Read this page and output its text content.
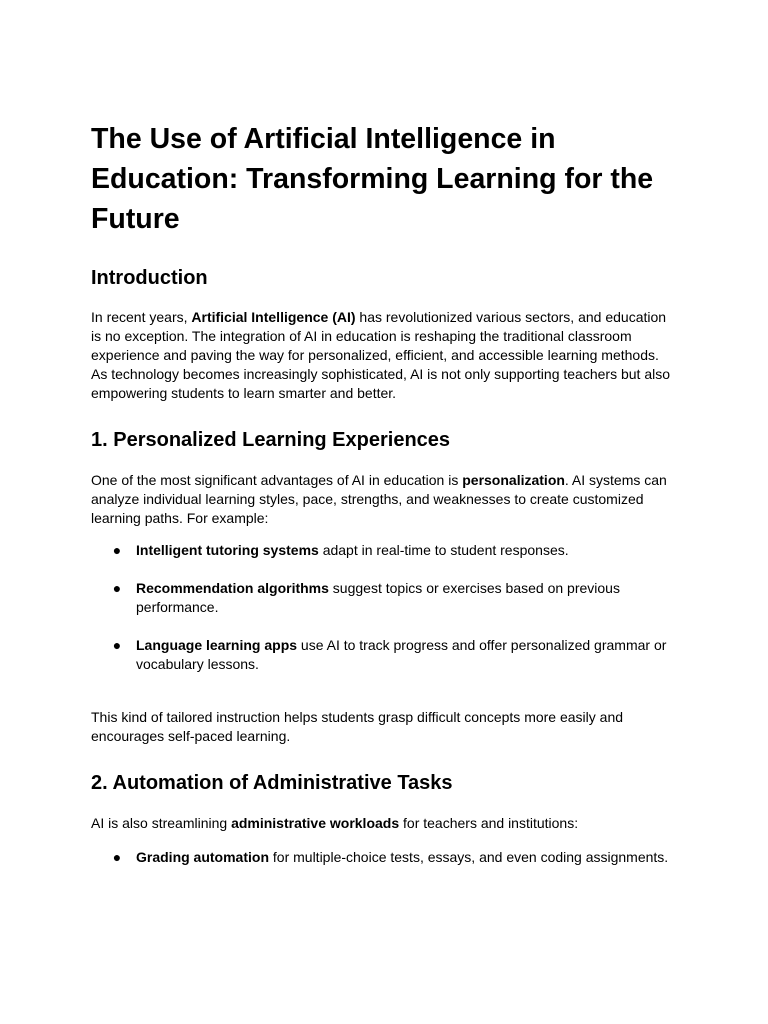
The Use of Artificial Intelligence in Education: Transforming Learning for the Future
Introduction

In recent years, Artificial Intelligence (AI) has revolutionized various sectors, and education is no exception. The integration of AI in education is reshaping the traditional classroom experience and paving the way for personalized, efficient, and accessible learning methods. As technology becomes increasingly sophisticated, AI is not only supporting teachers but also empowering students to learn smarter and better.

1. Personalized Learning Experiences

One of the most significant advantages of AI in education is personalization. AI systems can analyze individual learning styles, pace, strengths, and weaknesses to create customized learning paths. For example:

● Intelligent tutoring systems adapt in real-time to student responses.
● Recommendation algorithms suggest topics or exercises based on previous performance.
● Language learning apps use AI to track progress and offer personalized grammar or vocabulary lessons.

This kind of tailored instruction helps students grasp difficult concepts more easily and encourages self-paced learning.

2. Automation of Administrative Tasks

AI is also streamlining administrative workloads for teachers and institutions:

● Grading automation for multiple-choice tests, essays, and even coding assignments.
